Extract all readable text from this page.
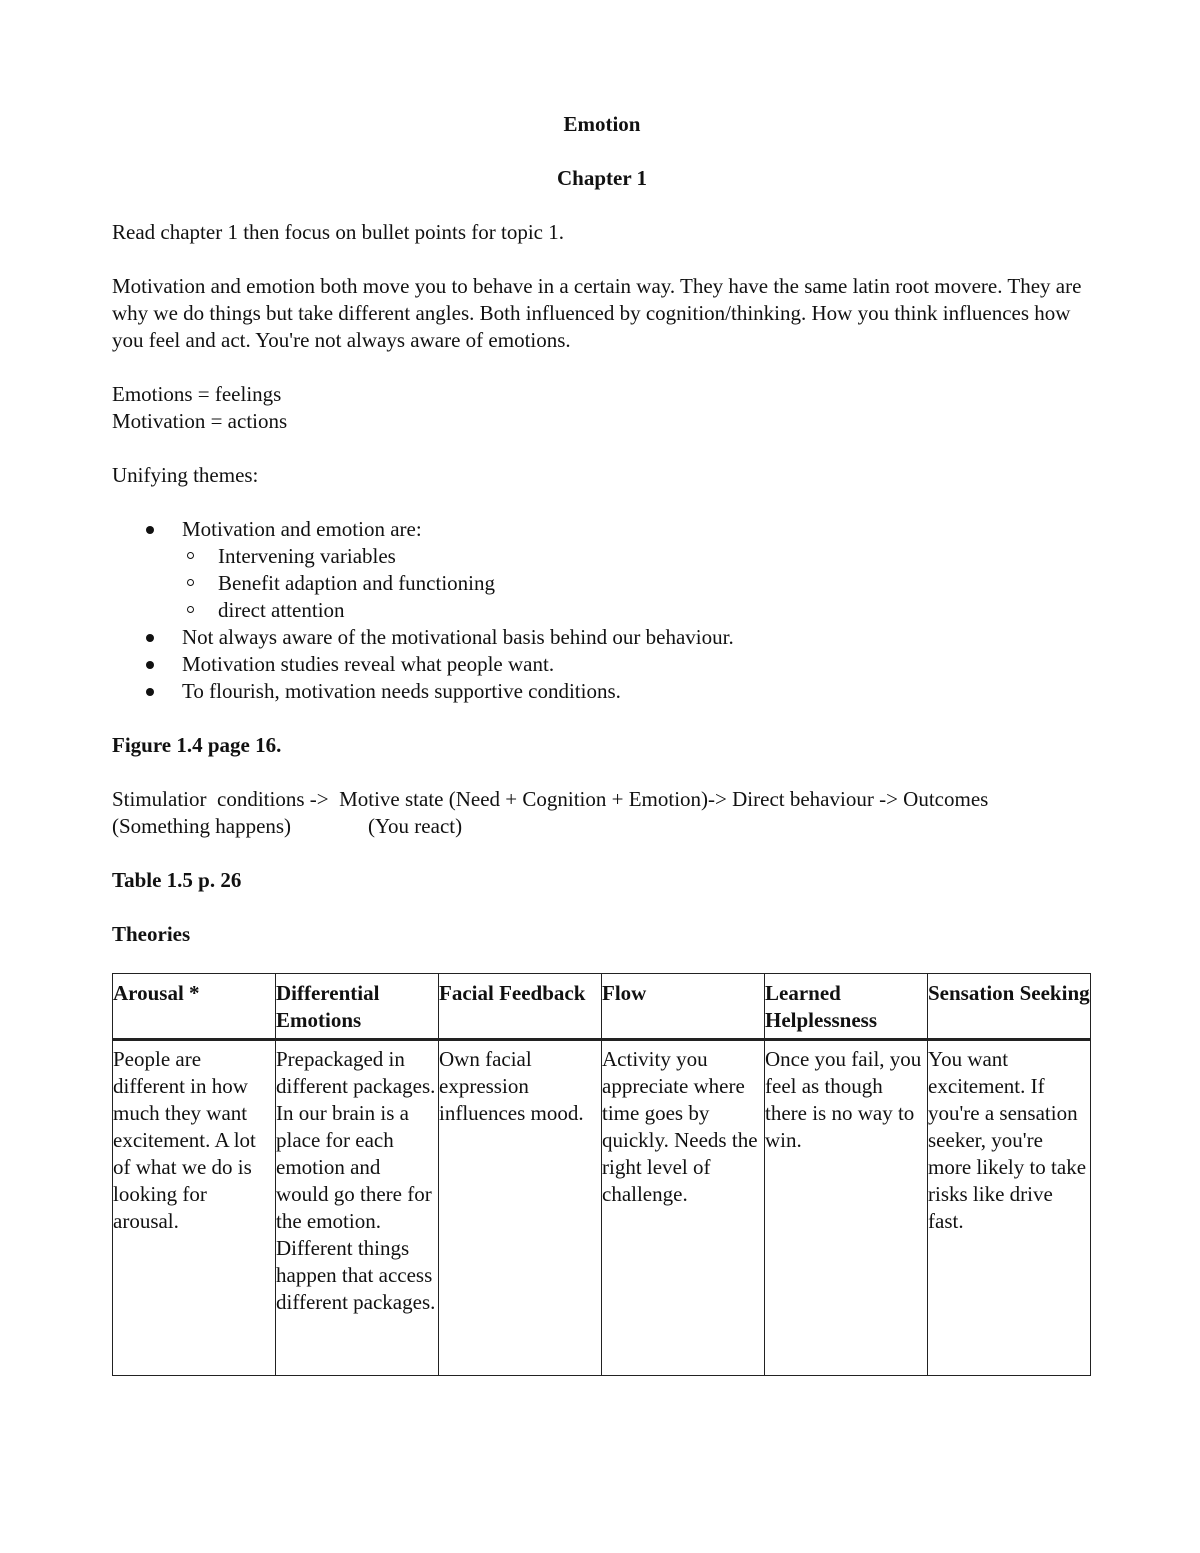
Emotion

Chapter 1

Read chapter 1 then focus on bullet points for topic 1.

Motivation and emotion both move you to behave in a certain way. They have the same latin root movere. They are why we do things but take different angles. Both influenced by cognition/thinking. How you think influences how you feel and act. You're not always aware of emotions.

Emotions = feelings
Motivation = actions

Unifying themes:

Motivation and emotion are:
Intervening variables
Benefit adaption and functioning
direct attention
Not always aware of the motivational basis behind our behaviour.
Motivation studies reveal what people want.
To flourish, motivation needs supportive conditions.

Figure 1.4 page 16.

Stimulatior  conditions ->  Motive state (Need + Cognition + Emotion)-> Direct behaviour -> Outcomes
(Something happens)	(You react)

Table 1.5 p. 26

Theories

Arousal *	Differential Emotions	Facial Feedback	Flow	Learned Helplessness	Sensation Seeking
People are different in how much they want excitement. A lot of what we do is looking for arousal.	Prepackaged in different packages. In our brain is a place for each emotion and would go there for the emotion. Different things happen that access different packages.	Own facial expression influences mood.	Activity you appreciate where time goes by quickly. Needs the right level of challenge.	Once you fail, you feel as though there is no way to win.	You want excitement. If you're a sensation seeker, you're more likely to take risks like drive fast.
